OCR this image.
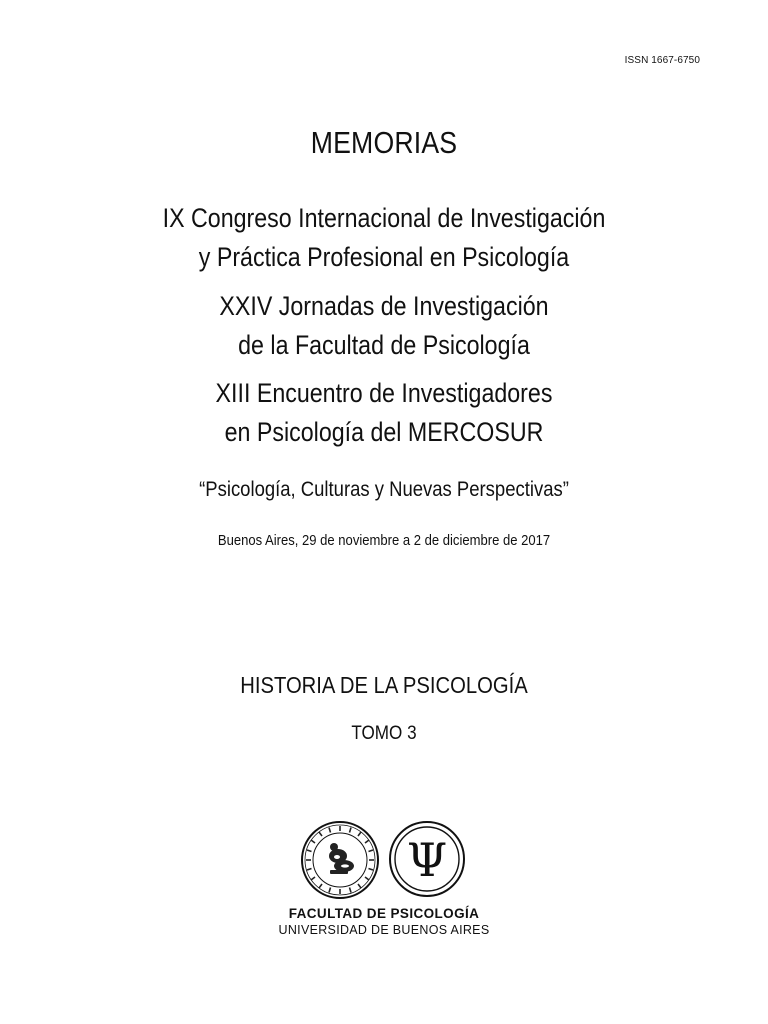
ISSN 1667-6750
MEMORIAS
IX Congreso Internacional de Investigación
y Práctica Profesional en Psicología
XXIV Jornadas de Investigación
de la Facultad de Psicología
XIII Encuentro de Investigadores
en Psicología del MERCOSUR
“Psicología, Culturas y Nuevas Perspectivas”
Buenos Aires, 29 de noviembre a 2 de diciembre de 2017
HISTORIA DE LA PSICOLOGÍA
TOMO 3
Ψ
FACULTAD DE PSICOLOGÍA
UNIVERSIDAD DE BUENOS AIRES
